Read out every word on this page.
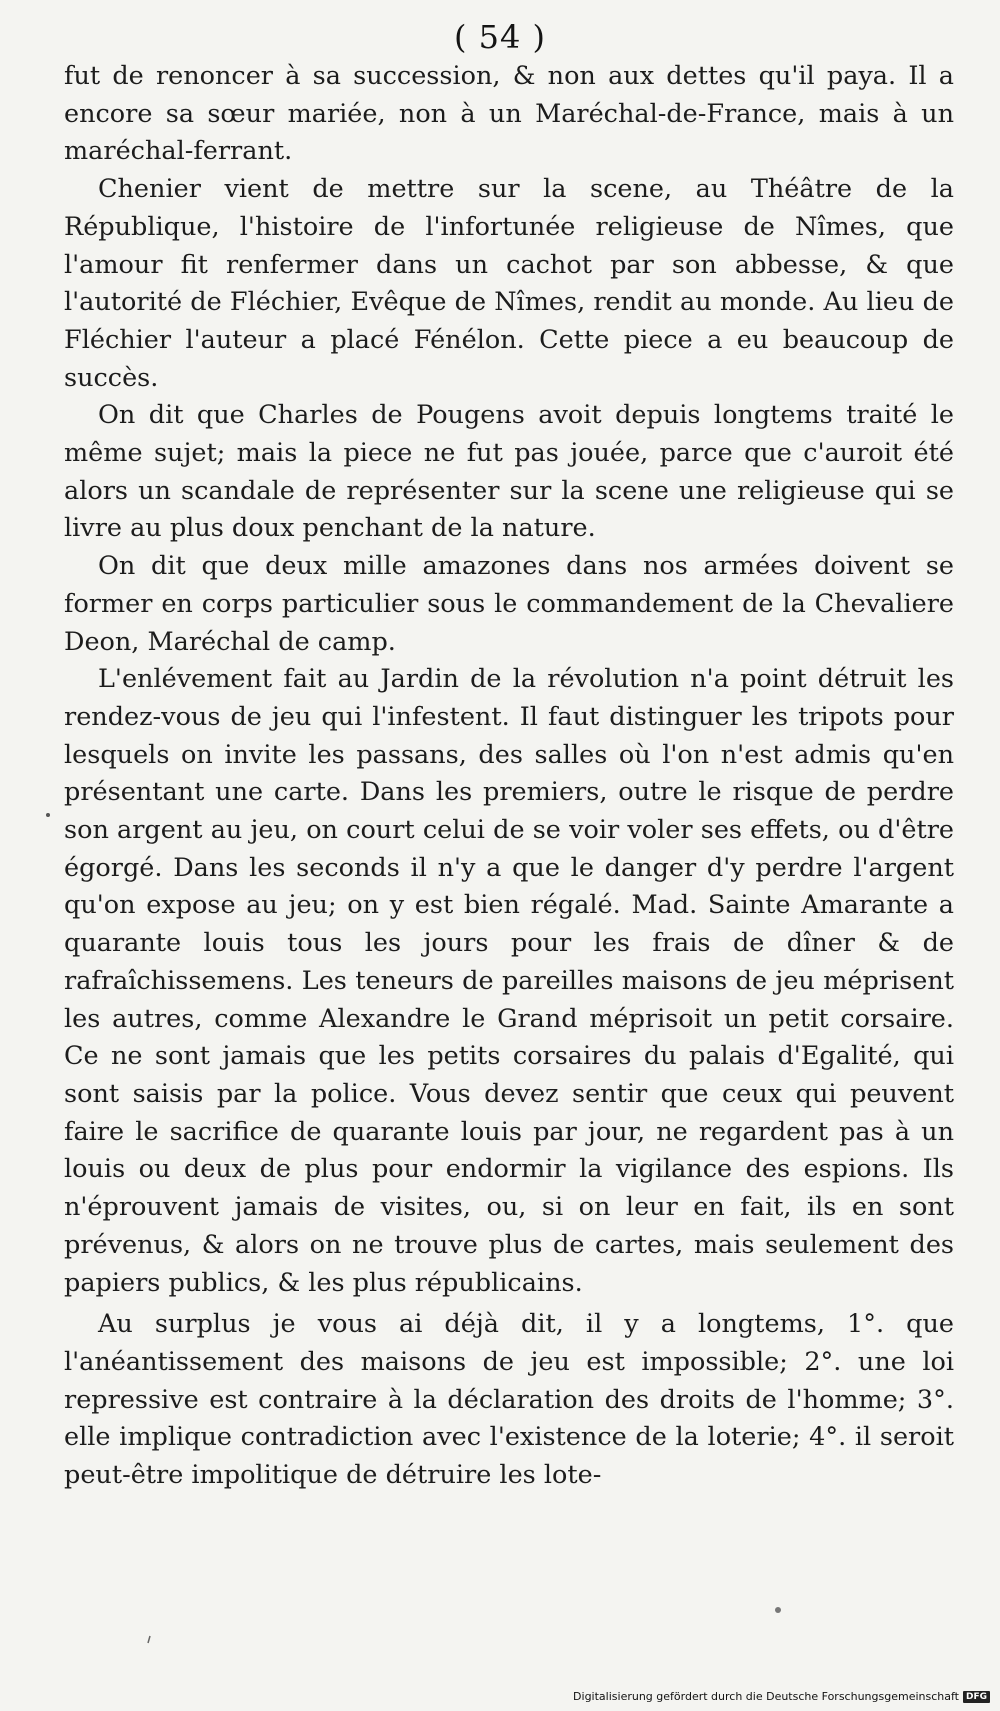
( 54 )

fut de renoncer à sa succession, & non aux dettes qu'il paya. Il a encore sa sœur mariée, non à un Maréchal-de-France, mais à un maréchal-ferrant.

Chenier vient de mettre sur la scene, au Théâtre de la République, l'histoire de l'infortunée religieuse de Nîmes, que l'amour fit renfermer dans un cachot par son abbesse, & que l'autorité de Fléchier, Evêque de Nîmes, rendit au monde. Au lieu de Fléchier l'auteur a placé Fénélon. Cette piece a eu beaucoup de succès.

On dit que Charles de Pougens avoit depuis longtems traité le même sujet; mais la piece ne fut pas jouée, parce que c'auroit été alors un scandale de représenter sur la scene une religieuse qui se livre au plus doux penchant de la nature.

On dit que deux mille amazones dans nos armées doivent se former en corps particulier sous le commandement de la Chevaliere Deon, Maréchal de camp.

L'enlévement fait au Jardin de la révolution n'a point détruit les rendez-vous de jeu qui l'infestent. Il faut distinguer les tripots pour lesquels on invite les passans, des salles où l'on n'est admis qu'en présentant une carte. Dans les premiers, outre le risque de perdre son argent au jeu, on court celui de se voir voler ses effets, ou d'être égorgé. Dans les seconds il n'y a que le danger d'y perdre l'argent qu'on expose au jeu; on y est bien régalé. Mad. Sainte Amarante a quarante louis tous les jours pour les frais de dîner & de rafraîchissemens. Les teneurs de pareilles maisons de jeu méprisent les autres, comme Alexandre le Grand méprisoit un petit corsaire. Ce ne sont jamais que les petits corsaires du palais d'Egalité, qui sont saisis par la police. Vous devez sentir que ceux qui peuvent faire le sacrifice de quarante louis par jour, ne regardent pas à un louis ou deux de plus pour endormir la vigilance des espions. Ils n'éprouvent jamais de visites, ou, si on leur en fait, ils en sont prévenus, & alors on ne trouve plus de cartes, mais seulement des papiers publics, & les plus républicains.

Au surplus je vous ai déjà dit, il y a longtems, 1°. que l'anéantissement des maisons de jeu est impossible; 2°. une loi repressive est contraire à la déclaration des droits de l'homme; 3°. elle implique contradiction avec l'existence de la loterie; 4°. il seroit peut-être impolitique de détruire les lote-

Digitalisierung gefördert durch die Deutsche Forschungsgemeinschaft DFG
